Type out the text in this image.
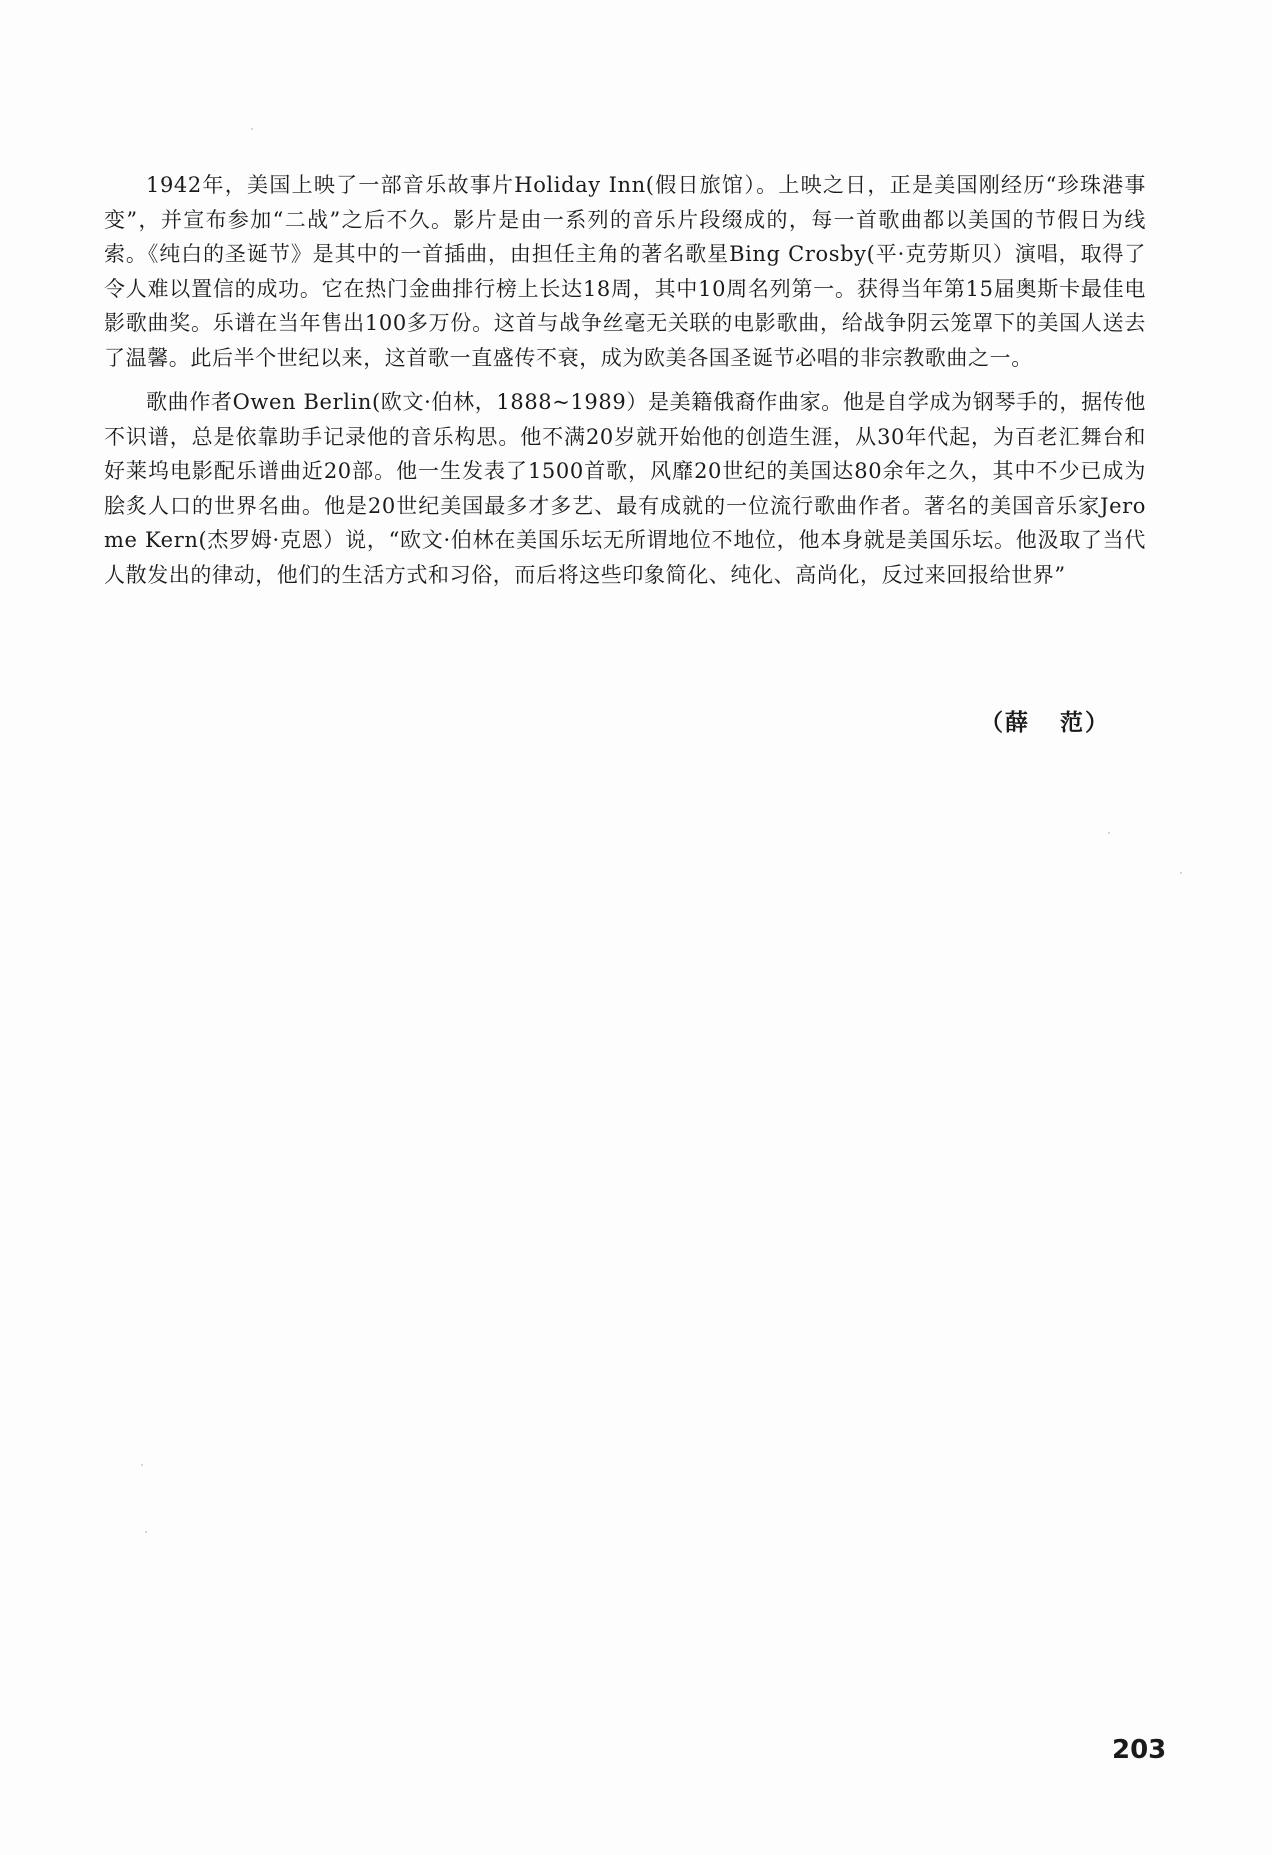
1942年，美国上映了一部音乐故事片Holiday Inn(假日旅馆）。上映之日，正是美国刚经历“珍珠港事变”，并宣布参加“二战”之后不久。影片是由一系列的音乐片段缀成的，每一首歌曲都以美国的节假日为线索。《纯白的圣诞节》是其中的一首插曲，由担任主角的著名歌星Bing Crosby(平·克劳斯贝）演唱，取得了令人难以置信的成功。它在热门金曲排行榜上长达18周，其中10周名列第一。获得当年第15届奥斯卡最佳电影歌曲奖。乐谱在当年售出100多万份。这首与战争丝毫无关联的电影歌曲，给战争阴云笼罩下的美国人送去了温馨。此后半个世纪以来，这首歌一直盛传不衰，成为欧美各国圣诞节必唱的非宗教歌曲之一。

歌曲作者Owen Berlin(欧文·伯林，1888~1989）是美籍俄裔作曲家。他是自学成为钢琴手的，据传他不识谱，总是依靠助手记录他的音乐构思。他不满20岁就开始他的创造生涯，从30年代起，为百老汇舞台和好莱坞电影配乐谱曲近20部。他一生发表了1500首歌，风靡20世纪的美国达80余年之久，其中不少已成为脍炙人口的世界名曲。他是20世纪美国最多才多艺、最有成就的一位流行歌曲作者。著名的美国音乐家Jerome Kern(杰罗姆·克恩）说，“欧文·伯林在美国乐坛无所谓地位不地位，他本身就是美国乐坛。他汲取了当代人散发出的律动，他们的生活方式和习俗，而后将这些印象简化、纯化、高尚化，反过来回报给世界”

（薛   范）
203
